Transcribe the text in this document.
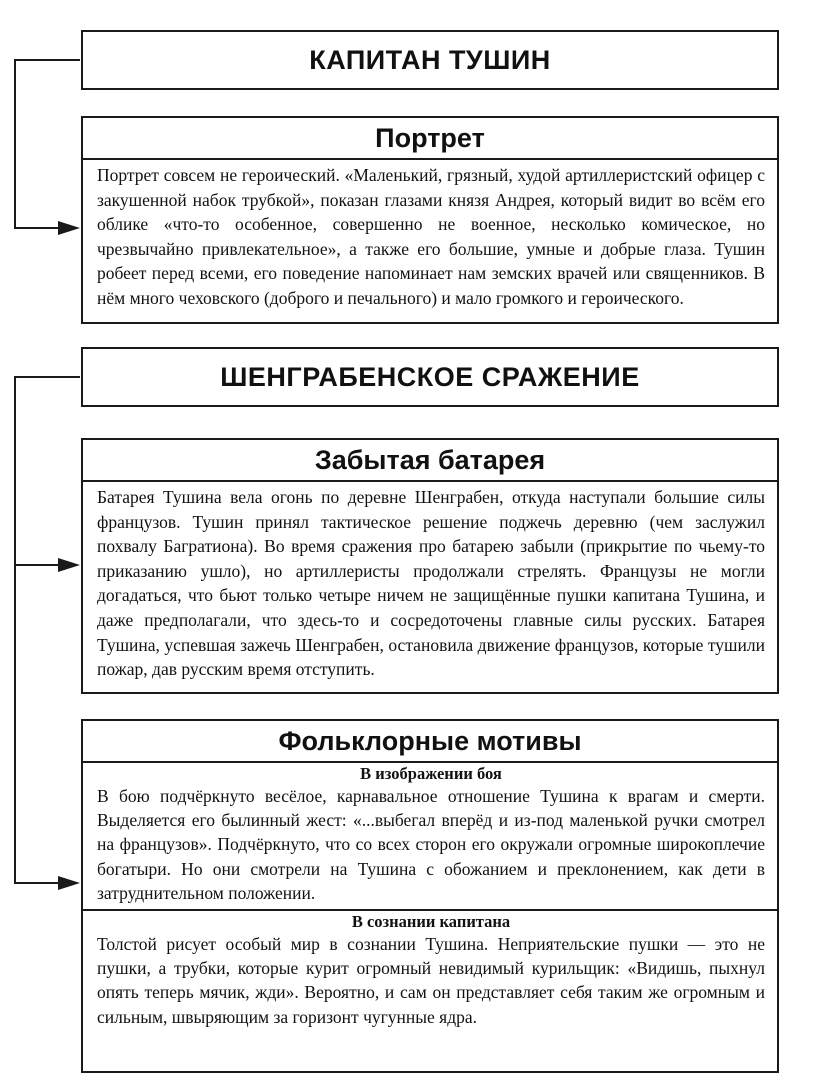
КАПИТАН ТУШИН
Портрет
Портрет совсем не героический. «Маленький, грязный, худой артиллеристский офицер с закушенной набок трубкой», показан глазами князя Андрея, который видит во всём его облике «что-то особенное, совершенно не военное, несколько комическое, но чрезвычайно привлекательное», а также его большие, умные и добрые глаза. Тушин робеет перед всеми, его поведение напоминает нам земских врачей или священников. В нём много чеховского (доброго и печального) и мало громкого и героического.
ШЕНГРАБЕНСКОЕ СРАЖЕНИЕ
Забытая батарея
Батарея Тушина вела огонь по деревне Шенграбен, откуда наступали большие силы французов. Тушин принял тактическое решение поджечь деревню (чем заслужил похвалу Багратиона). Во время сражения про батарею забыли (прикрытие по чьему-то приказанию ушло), но артиллеристы продолжали стрелять. Французы не могли догадаться, что бьют только четыре ничем не защищённые пушки капитана Тушина, и даже предполагали, что здесь-то и сосредоточены главные силы русских. Батарея Тушина, успевшая зажечь Шенграбен, остановила движение французов, которые тушили пожар, дав русским время отступить.
Фольклорные мотивы
В изображении боя
В бою подчёркнуто весёлое, карнавальное отношение Тушина к врагам и смерти. Выделяется его былинный жест: «...выбегал вперёд и из-под маленькой ручки смотрел на французов». Подчёркнуто, что со всех сторон его окружали огромные широкоплечие богатыри. Но они смотрели на Тушина с обожанием и преклонением, как дети в затруднительном положении.
В сознании капитана
Толстой рисует особый мир в сознании Тушина. Неприятельские пушки — это не пушки, а трубки, которые курит огромный невидимый курильщик: «Видишь, пыхнул опять теперь мячик, жди». Вероятно, и сам он представляет себя таким же огромным и сильным, швыряющим за горизонт чугунные ядра.
